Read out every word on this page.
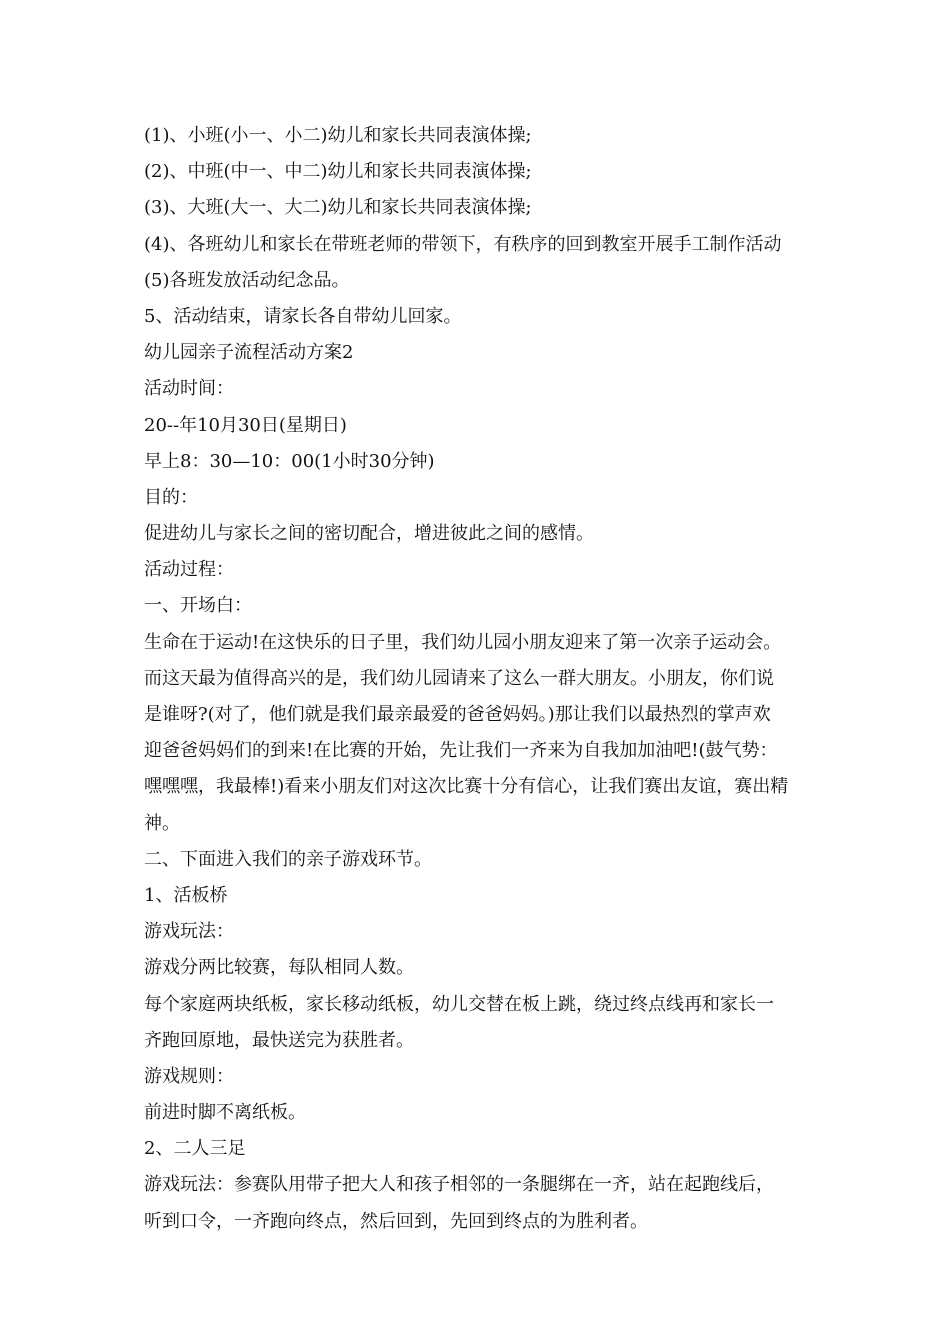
(1)、小班(小一、小二)幼儿和家长共同表演体操;
(2)、中班(中一、中二)幼儿和家长共同表演体操;
(3)、大班(大一、大二)幼儿和家长共同表演体操;
(4)、各班幼儿和家长在带班老师的带领下，有秩序的回到教室开展手工制作活动
(5)各班发放活动纪念品。
5、活动结束，请家长各自带幼儿回家。
幼儿园亲子流程活动方案2
活动时间：
20--年10月30日(星期日)
早上8：30—10：00(1小时30分钟)
目的：
促进幼儿与家长之间的密切配合，增进彼此之间的感情。
活动过程：
一、开场白：
生命在于运动!在这快乐的日子里，我们幼儿园小朋友迎来了第一次亲子运动会。
而这天最为值得高兴的是，我们幼儿园请来了这么一群大朋友。小朋友，你们说
是谁呀?(对了，他们就是我们最亲最爱的爸爸妈妈。)那让我们以最热烈的掌声欢
迎爸爸妈妈们的到来!在比赛的开始，先让我们一齐来为自我加加油吧!(鼓气势：
嘿嘿嘿，我最棒!)看来小朋友们对这次比赛十分有信心，让我们赛出友谊，赛出精
神。
二、下面进入我们的亲子游戏环节。
1、活板桥
游戏玩法：
游戏分两比较赛，每队相同人数。
每个家庭两块纸板，家长移动纸板，幼儿交替在板上跳，绕过终点线再和家长一
齐跑回原地，最快送完为获胜者。
游戏规则：
前进时脚不离纸板。
2、二人三足
游戏玩法：参赛队用带子把大人和孩子相邻的一条腿绑在一齐，站在起跑线后，
听到口令，一齐跑向终点，然后回到，先回到终点的为胜利者。
